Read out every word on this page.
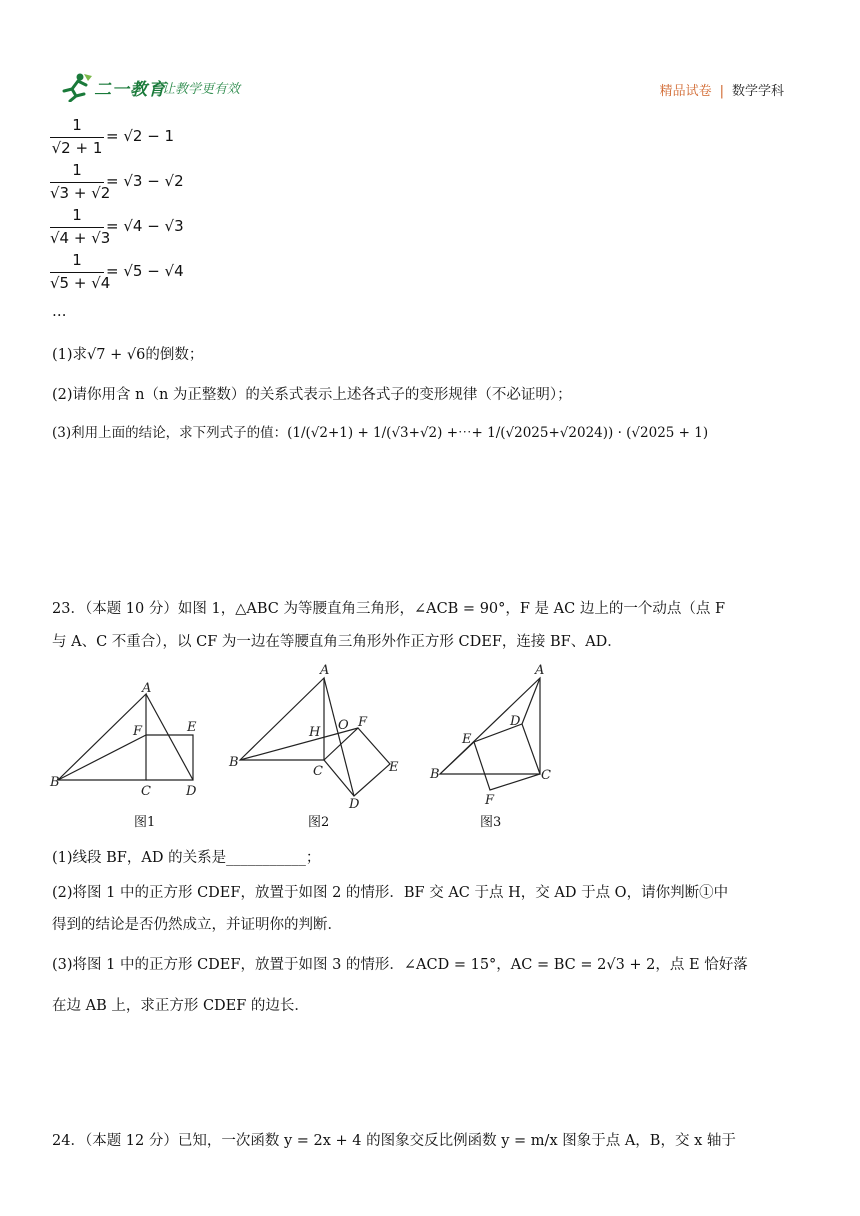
二一教育
让教学更有效	精品试卷 | 数学学科
1
√2 + 1
= √2 − 1
1
√3 + √2
= √3 − √2
1
√4 + √3
= √4 − √3
1
√5 + √4
= √5 − √4
…
(1)求√7 + √6的倒数；
(2)请你用含 n（n 为正整数）的关系式表示上述各式子的变形规律（不必证明）；
(3)利用上面的结论，求下列式子的值：(1/(√2+1) + 1/(√3+√2) +⋯+ 1/(√2025+√2024)) · (√2025 + 1)
23．（本题 10 分）如图 1，△ABC 为等腰直角三角形，∠ACB = 90°，F 是 AC 边上的一个动点（点 F
与 A、C 不重合），以 CF 为一边在等腰直角三角形外作正方形 CDEF，连接 BF、AD．
A
B
C	D
E
F
图1
A
B
C
D
E
F
H O
图2
A
B	C
D
E
F
图3
(1)线段 BF，AD 的关系是___________；
(2)将图 1 中的正方形 CDEF，放置于如图 2 的情形．BF 交 AC 于点 H，交 AD 于点 O，请你判断①中
得到的结论是否仍然成立，并证明你的判断．
(3)将图 1 中的正方形 CDEF，放置于如图 3 的情形．∠ACD = 15°，AC = BC = 2√3 + 2，点 E 恰好落
在边 AB 上，求正方形 CDEF 的边长．
24．（本题 12 分）已知，一次函数 y = 2x + 4 的图象交反比例函数 y = m/x 图象于点 A，B，交 x 轴于
